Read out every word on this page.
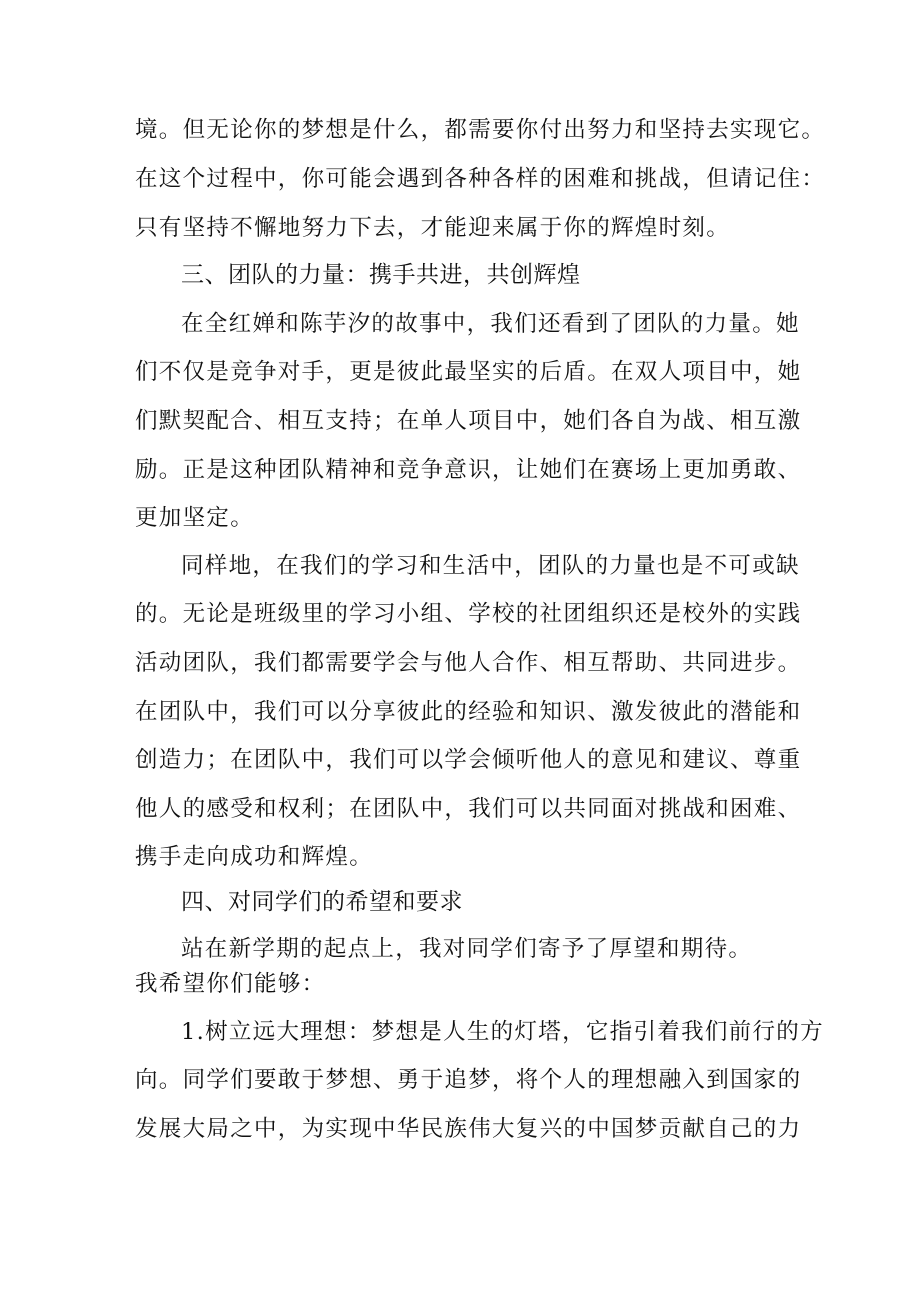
境。但无论你的梦想是什么，都需要你付出努力和坚持去实现它。
在这个过程中，你可能会遇到各种各样的困难和挑战，但请记住：
只有坚持不懈地努力下去，才能迎来属于你的辉煌时刻。
三、团队的力量：携手共进，共创辉煌
在全红婵和陈芋汐的故事中，我们还看到了团队的力量。她
们不仅是竞争对手，更是彼此最坚实的后盾。在双人项目中，她
们默契配合、相互支持；在单人项目中，她们各自为战、相互激
励。正是这种团队精神和竞争意识，让她们在赛场上更加勇敢、
更加坚定。
同样地，在我们的学习和生活中，团队的力量也是不可或缺
的。无论是班级里的学习小组、学校的社团组织还是校外的实践
活动团队，我们都需要学会与他人合作、相互帮助、共同进步。
在团队中，我们可以分享彼此的经验和知识、激发彼此的潜能和
创造力；在团队中，我们可以学会倾听他人的意见和建议、尊重
他人的感受和权利；在团队中，我们可以共同面对挑战和困难、
携手走向成功和辉煌。
四、对同学们的希望和要求
站在新学期的起点上，我对同学们寄予了厚望和期待。
我希望你们能够：
1.树立远大理想：梦想是人生的灯塔，它指引着我们前行的方
向。同学们要敢于梦想、勇于追梦，将个人的理想融入到国家的
发展大局之中，为实现中华民族伟大复兴的中国梦贡献自己的力
